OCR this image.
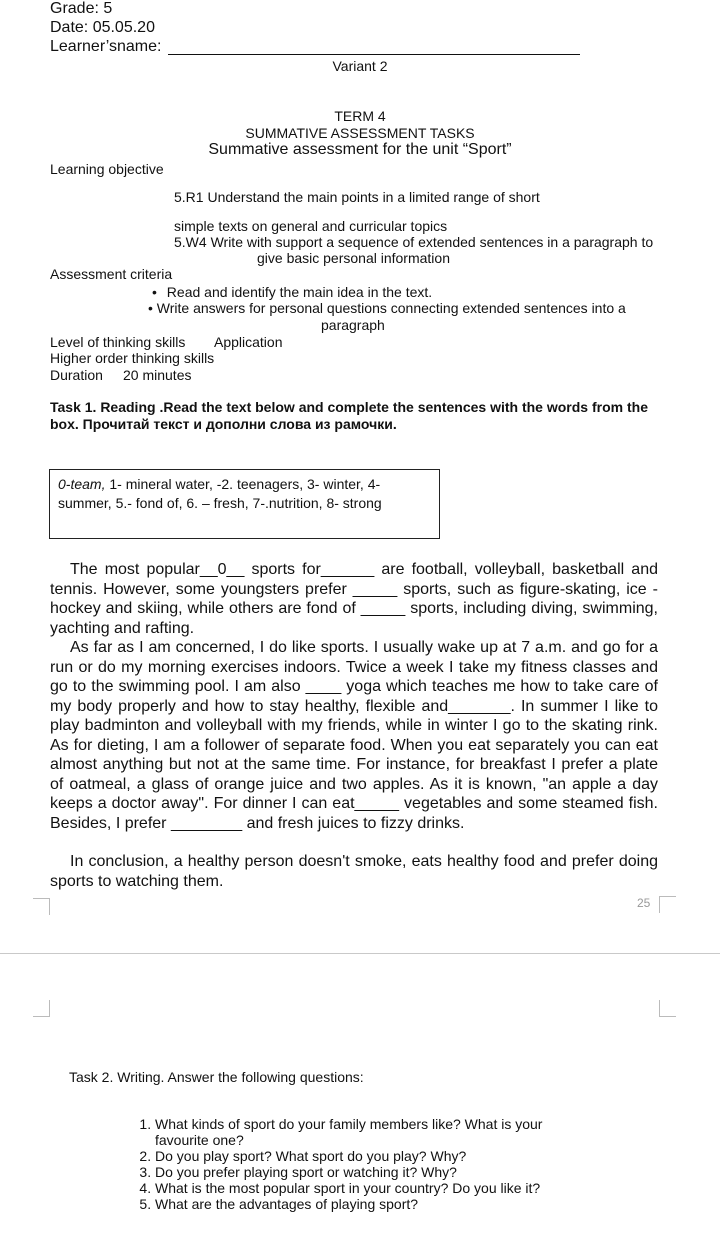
Grade: 5
Date: 05.05.20
Learner’sname:
Variant 2
TERM 4
SUMMATIVE ASSESSMENT TASKS
Summative assessment for the unit “Sport”
Learning objective
5.R1 Understand the main points in a limited range of short
simple texts on general and curricular topics
5.W4 Write with support a sequence of extended sentences in a paragraph to
give basic personal information
Assessment criteria
• Read and identify the main idea in the text.
• Write answers for personal questions connecting extended sentences into a
paragraph
Level of thinking skills Application
Higher order thinking skills
Duration 20 minutes
Task 1. Reading .Read the text below and complete the sentences with the words from the box. Прочитай текст и дополни слова из рамочки.
0-team, 1- mineral water, -2. teenagers, 3- winter, 4- summer, 5.- fond of, 6. – fresh, 7-.nutrition, 8- strong
The most popular__0__ sports for______ are football, volleyball, basketball and tennis. However, some youngsters prefer _____ sports, such as figure-skating, ice -hockey and skiing, while others are fond of _____ sports, including diving, swimming, yachting and rafting.
As far as I am concerned, I do like sports. I usually wake up at 7 a.m. and go for a run or do my morning exercises indoors. Twice a week I take my fitness classes and go to the swimming pool. I am also ____ yoga which teaches me how to take care of my body properly and how to stay healthy, flexible and_______. In summer I like to play badminton and volleyball with my friends, while in winter I go to the skating rink. As for dieting, I am a follower of separate food. When you eat separately you can eat almost anything but not at the same time. For instance, for breakfast I prefer a plate of oatmeal, a glass of orange juice and two apples. As it is known, "an apple a day keeps a doctor away". For dinner I can eat_____ vegetables and some steamed fish. Besides, I prefer ________ and fresh juices to fizzy drinks.
In conclusion, a healthy person doesn't smoke, eats healthy food and prefer doing sports to watching them.
25
Task 2. Writing. Answer the following questions:
1. What kinds of sport do your family members like? What is your favourite one?
2. Do you play sport? What sport do you play? Why?
3. Do you prefer playing sport or watching it? Why?
4. What is the most popular sport in your country? Do you like it?
5. What are the advantages of playing sport?
